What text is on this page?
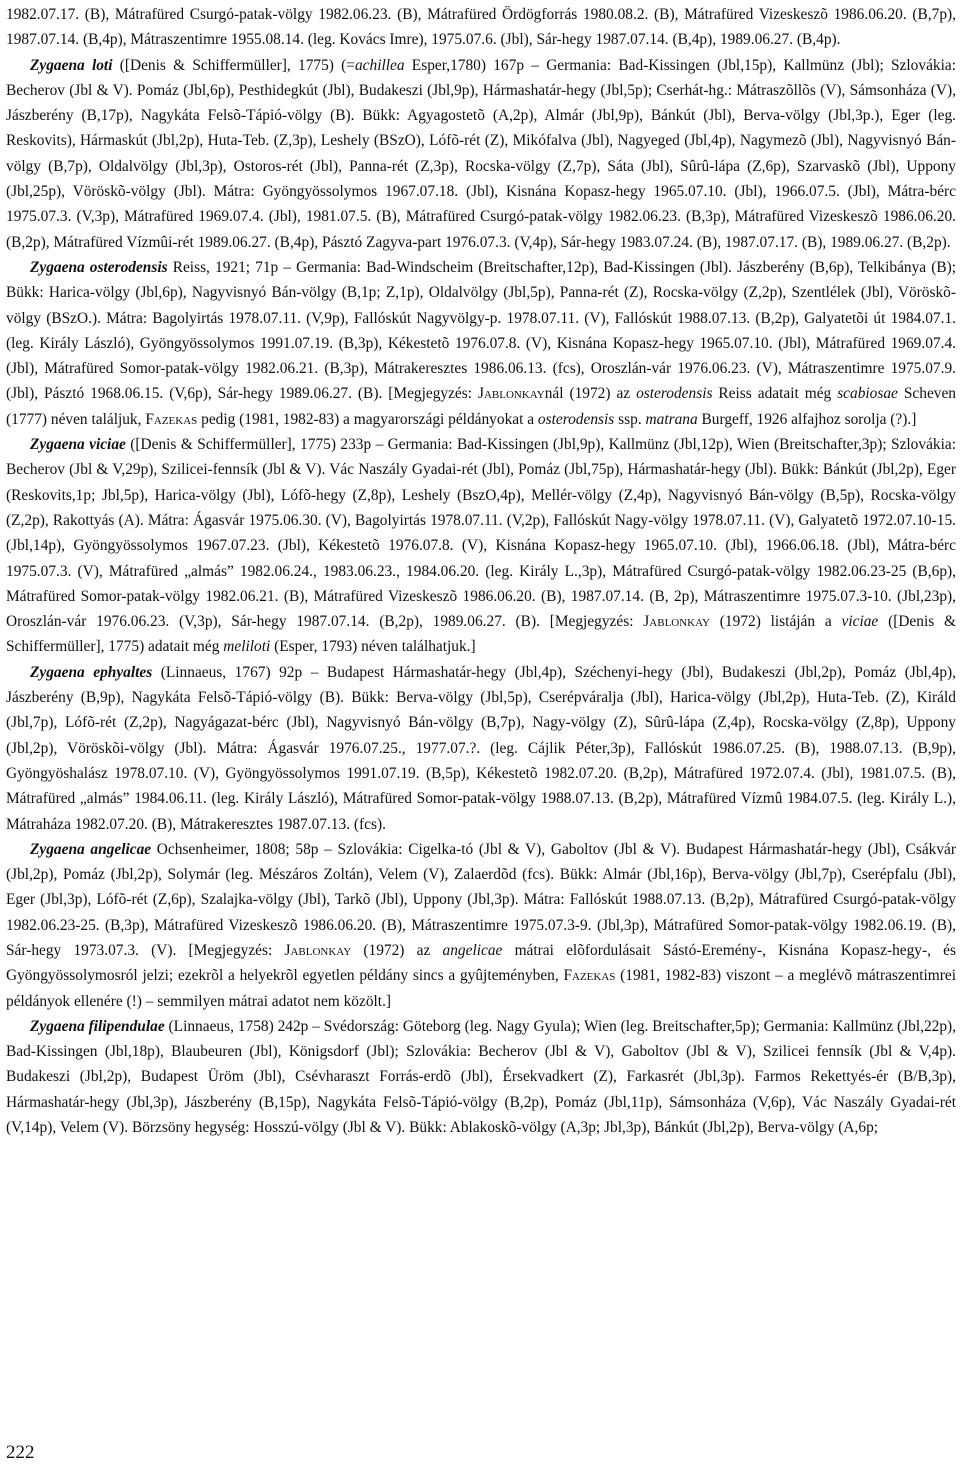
1982.07.17. (B), Mátrafüred Csurgó-patak-völgy 1982.06.23. (B), Mátrafüred Ördögforrás 1980.08.2. (B), Mátrafüred Vizeskeszõ 1986.06.20. (B,7p), 1987.07.14. (B,4p), Mátraszentimre 1955.08.14. (leg. Kovács Imre), 1975.07.6. (Jbl), Sár-hegy 1987.07.14. (B,4p), 1989.06.27. (B,4p).

Zygaena loti ([Denis & Schiffermüller], 1775) (=achillea Esper,1780) 167p – Germania: Bad-Kissingen (Jbl,15p), Kallmünz (Jbl); Szlovákia: Becherov (Jbl & V). Pomáz (Jbl,6p), Pesthidegkút (Jbl), Budakeszi (Jbl,9p), Hármashatár-hegy (Jbl,5p); Cserhát-hg.: Mátraszõllõs (V), Sámsonháza (V), Jászberény (B,17p), Nagykáta Felsõ-Tápió-völgy (B). Bükk: Agyagostetõ (A,2p), Almár (Jbl,9p), Bánkút (Jbl), Berva-völgy (Jbl,3p.), Eger (leg. Reskovits), Hármaskút (Jbl,2p), Huta-Teb. (Z,3p), Leshely (BSzO), Lófõ-rét (Z), Mikófalva (Jbl), Nagyeged (Jbl,4p), Nagymezõ (Jbl), Nagyvisnyó Bán-völgy (B,7p), Oldalvölgy (Jbl,3p), Ostoros-rét (Jbl), Panna-rét (Z,3p), Rocska-völgy (Z,7p), Sáta (Jbl), Sûrû-lápa (Z,6p), Szarvaskõ (Jbl), Uppony (Jbl,25p), Vöröskõ-völgy (Jbl). Mátra: Gyöngyössolymos 1967.07.18. (Jbl), Kisnána Kopasz-hegy 1965.07.10. (Jbl), 1966.07.5. (Jbl), Mátra-bérc 1975.07.3. (V,3p), Mátrafüred 1969.07.4. (Jbl), 1981.07.5. (B), Mátrafüred Csurgó-patak-völgy 1982.06.23. (B,3p), Mátrafüred Vizeskeszõ 1986.06.20. (B,2p), Mátrafüred Vízmûi-rét 1989.06.27. (B,4p), Pásztó Zagyva-part 1976.07.3. (V,4p), Sár-hegy 1983.07.24. (B), 1987.07.17. (B), 1989.06.27. (B,2p).

Zygaena osterodensis Reiss, 1921; 71p – Germania: Bad-Windscheim (Breitschafter,12p), Bad-Kissingen (Jbl). Jászberény (B,6p), Telkibánya (B); Bükk: Harica-völgy (Jbl,6p), Nagyvisnyó Bán-völgy (B,1p; Z,1p), Oldalvölgy (Jbl,5p), Panna-rét (Z), Rocska-völgy (Z,2p), Szentlélek (Jbl), Vöröskõ-völgy (BSzO.). Mátra: Bagolyirtás 1978.07.11. (V,9p), Fallóskút Nagyvölgy-p. 1978.07.11. (V), Fallóskút 1988.07.13. (B,2p), Galyatetõi út 1984.07.1. (leg. Király László), Gyöngyössolymos 1991.07.19. (B,3p), Kékestetõ 1976.07.8. (V), Kisnána Kopasz-hegy 1965.07.10. (Jbl), Mátrafüred 1969.07.4. (Jbl), Mátrafüred Somor-patak-völgy 1982.06.21. (B,3p), Mátrakeresztes 1986.06.13. (fcs), Oroszlán-vár 1976.06.23. (V), Mátraszentimre 1975.07.9. (Jbl), Pásztó 1968.06.15. (V,6p), Sár-hegy 1989.06.27. (B). [Megjegyzés: Jablonkaynál (1972) az osterodensis Reiss adatait még scabiosae Scheven (1777) néven találjuk, Fazekas pedig (1981, 1982-83) a magyarországi példányokat a osterodensis ssp. matrana Burgeff, 1926 alfajhoz sorolja (?).]

Zygaena viciae ([Denis & Schiffermüller], 1775) 233p – Germania: Bad-Kissingen (Jbl,9p), Kallmünz (Jbl,12p), Wien (Breitschafter,3p); Szlovákia: Becherov (Jbl & V,29p), Szilicei-fennsík (Jbl & V). Vác Naszály Gyadai-rét (Jbl), Pomáz (Jbl,75p), Hármashatár-hegy (Jbl). Bükk: Bánkút (Jbl,2p), Eger (Reskovits,1p; Jbl,5p), Harica-völgy (Jbl), Lófõ-hegy (Z,8p), Leshely (BszO,4p), Mellér-völgy (Z,4p), Nagyvisnyó Bán-völgy (B,5p), Rocska-völgy (Z,2p), Rakottyás (A). Mátra: Ágasvár 1975.06.30. (V), Bagolyirtás 1978.07.11. (V,2p), Fallóskút Nagy-völgy 1978.07.11. (V), Galyatetõ 1972.07.10-15. (Jbl,14p), Gyöngyössolymos 1967.07.23. (Jbl), Kékestetõ 1976.07.8. (V), Kisnána Kopasz-hegy 1965.07.10. (Jbl), 1966.06.18. (Jbl), Mátra-bérc 1975.07.3. (V), Mátrafüred „almás” 1982.06.24., 1983.06.23., 1984.06.20. (leg. Király L.,3p), Mátrafüred Csurgó-patak-völgy 1982.06.23-25 (B,6p), Mátrafüred Somor-patak-völgy 1982.06.21. (B), Mátrafüred Vizeskeszõ 1986.06.20. (B), 1987.07.14. (B, 2p), Mátraszentimre 1975.07.3-10. (Jbl,23p), Oroszlán-vár 1976.06.23. (V,3p), Sár-hegy 1987.07.14. (B,2p), 1989.06.27. (B). [Megjegyzés: Jablonkay (1972) listáján a viciae ([Denis & Schiffermüller], 1775) adatait még meliloti (Esper, 1793) néven találhatjuk.]

Zygaena ephyaltes (Linnaeus, 1767) 92p – Budapest Hármashatár-hegy (Jbl,4p), Széchenyi-hegy (Jbl), Budakeszi (Jbl,2p), Pomáz (Jbl,4p), Jászberény (B,9p), Nagykáta Felsõ-Tápió-völgy (B). Bükk: Berva-völgy (Jbl,5p), Cserépváralja (Jbl), Harica-völgy (Jbl,2p), Huta-Teb. (Z), Királd (Jbl,7p), Lófõ-rét (Z,2p), Nagyágazat-bérc (Jbl), Nagyvisnyó Bán-völgy (B,7p), Nagy-völgy (Z), Sûrû-lápa (Z,4p), Rocska-völgy (Z,8p), Uppony (Jbl,2p), Vöröskõi-völgy (Jbl). Mátra: Ágasvár 1976.07.25., 1977.07.?. (leg. Cájlik Péter,3p), Fallóskút 1986.07.25. (B), 1988.07.13. (B,9p), Gyöngyöshalász 1978.07.10. (V), Gyöngyössolymos 1991.07.19. (B,5p), Kékestetõ 1982.07.20. (B,2p), Mátrafüred 1972.07.4. (Jbl), 1981.07.5. (B), Mátrafüred „almás” 1984.06.11. (leg. Király László), Mátrafüred Somor-patak-völgy 1988.07.13. (B,2p), Mátrafüred Vízmû 1984.07.5. (leg. Király L.), Mátraháza 1982.07.20. (B), Mátrakeresztes 1987.07.13. (fcs).

Zygaena angelicae Ochsenheimer, 1808; 58p – Szlovákia: Cigelka-tó (Jbl & V), Gaboltov (Jbl & V). Budapest Hármashatár-hegy (Jbl), Csákvár (Jbl,2p), Pomáz (Jbl,2p), Solymár (leg. Mészáros Zoltán), Velem (V), Zalaerdõd (fcs). Bükk: Almár (Jbl,16p), Berva-völgy (Jbl,7p), Cserépfalu (Jbl), Eger (Jbl,3p), Lófõ-rét (Z,6p), Szalajka-völgy (Jbl), Tarkõ (Jbl), Uppony (Jbl,3p). Mátra: Fallóskút 1988.07.13. (B,2p), Mátrafüred Csurgó-patak-völgy 1982.06.23-25. (B,3p), Mátrafüred Vizeskeszõ 1986.06.20. (B), Mátraszentimre 1975.07.3-9. (Jbl,3p), Mátrafüred Somor-patak-völgy 1982.06.19. (B), Sár-hegy 1973.07.3. (V). [Megjegyzés: Jablonkay (1972) az angelicae mátrai elõfordulásait Sástó-Eremény-, Kisnána Kopasz-hegy-, és Gyöngyössolymosról jelzi; ezekrõl a helyekrõl egyetlen példány sincs a gyûjteményben, Fazekas (1981, 1982-83) viszont – a meglévõ mátraszentimrei példányok ellenére (!) – semmilyen mátrai adatot nem közölt.]

Zygaena filipendulae (Linnaeus, 1758) 242p – Svédország: Göteborg (leg. Nagy Gyula); Wien (leg. Breitschafter,5p); Germania: Kallmünz (Jbl,22p), Bad-Kissingen (Jbl,18p), Blaubeuren (Jbl), Königsdorf (Jbl); Szlovákia: Becherov (Jbl & V), Gaboltov (Jbl & V), Szilicei fennsík (Jbl & V,4p). Budakeszi (Jbl,2p), Budapest Üröm (Jbl), Csévharaszt Forrás-erdõ (Jbl), Érsekvadkert (Z), Farkasrét (Jbl,3p). Farmos Rekettyés-ér (B/B,3p), Hármashatár-hegy (Jbl,3p), Jászberény (B,15p), Nagykáta Felsõ-Tápió-völgy (B,2p), Pomáz (Jbl,11p), Sámsonháza (V,6p), Vác Naszály Gyadai-rét (V,14p), Velem (V). Börzsöny hegység: Hosszú-völgy (Jbl & V). Bükk: Ablakoskõ-völgy (A,3p; Jbl,3p), Bánkút (Jbl,2p), Berva-völgy (A,6p;

222
